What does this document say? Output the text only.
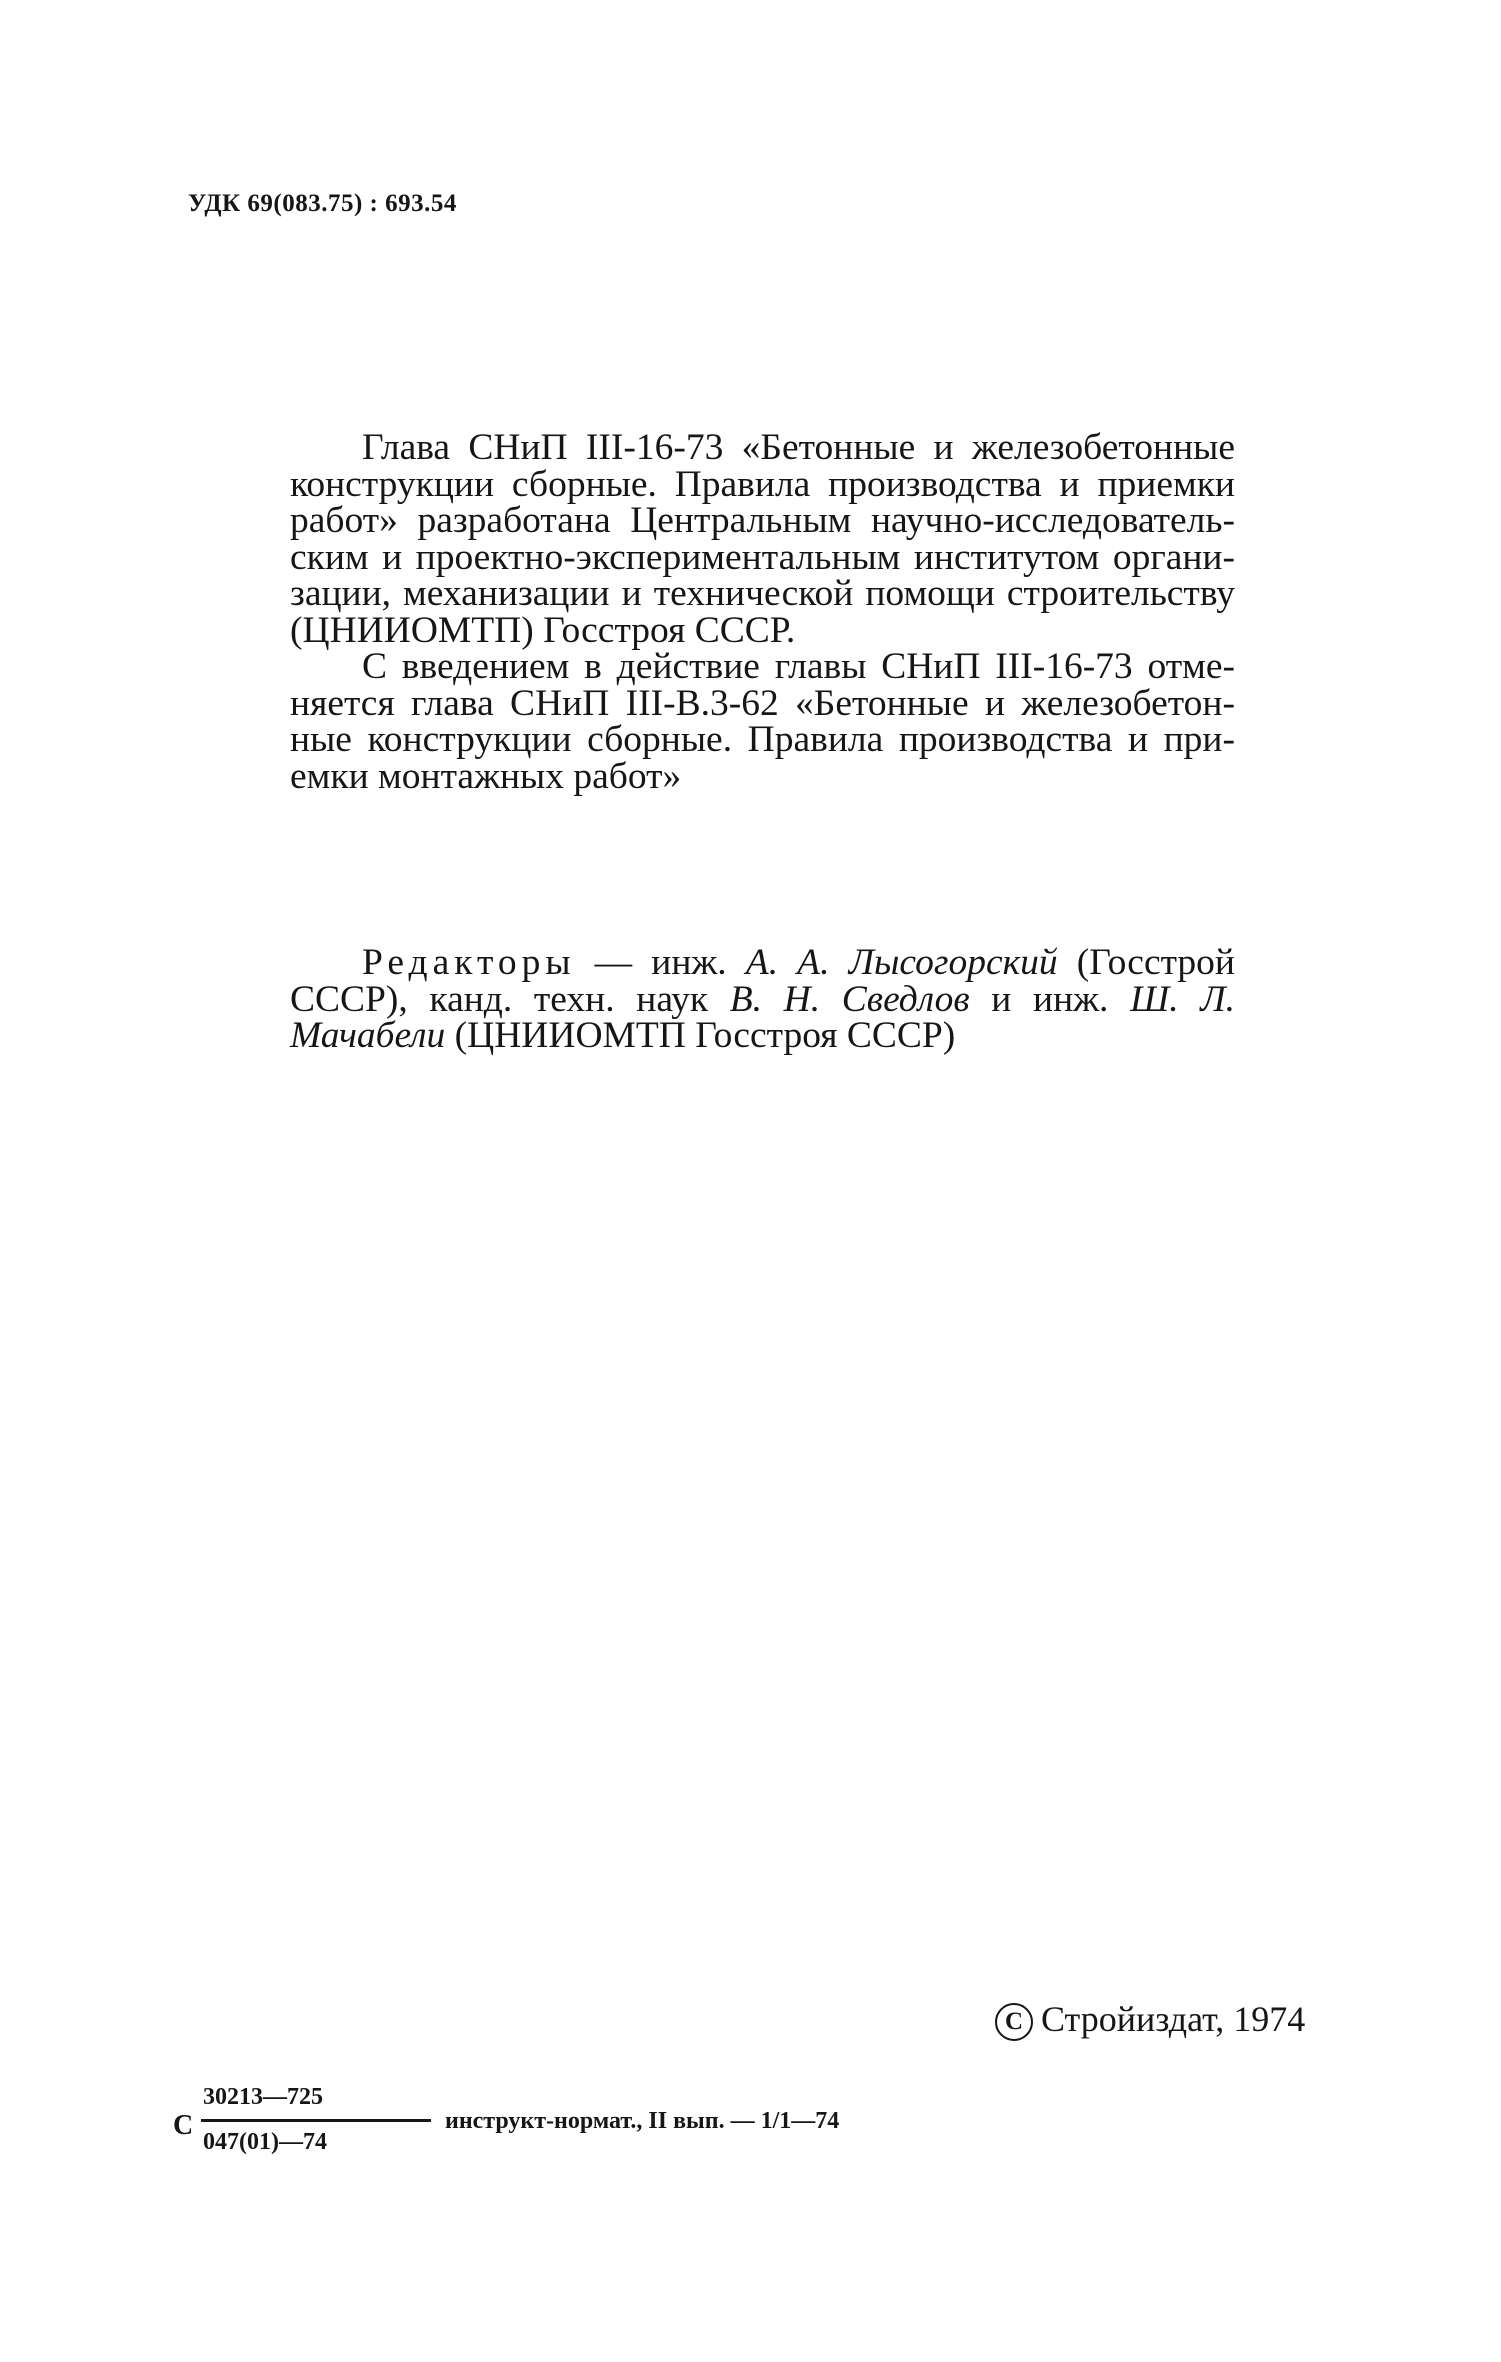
УДК 69(083.75) : 693.54

Глава СНиП III-16-73 «Бетонные и железобетонные конструкции сборные. Правила производства и приемки работ» разработана Центральным научно-исследовательским и проектно-экспериментальным институтом организации, механизации и технической помощи строительству (ЦНИИОМТП) Госстроя СССР.

С введением в действие главы СНиП III-16-73 отменяется глава СНиП III-В.3-62 «Бетонные и железобетонные конструкции сборные. Правила производства и приемки монтажных работ»

Редакторы — инж. А. А. Лысогорский (Госстрой СССР), канд. техн. наук В. Н. Сведлов и инж. Ш. Л. Мачабели (ЦНИИОМТП Госстроя СССР)

C Стройиздат, 1974
С
30213—725
047(01)—74
инструкт-нормат., II вып. — 1/1—74
